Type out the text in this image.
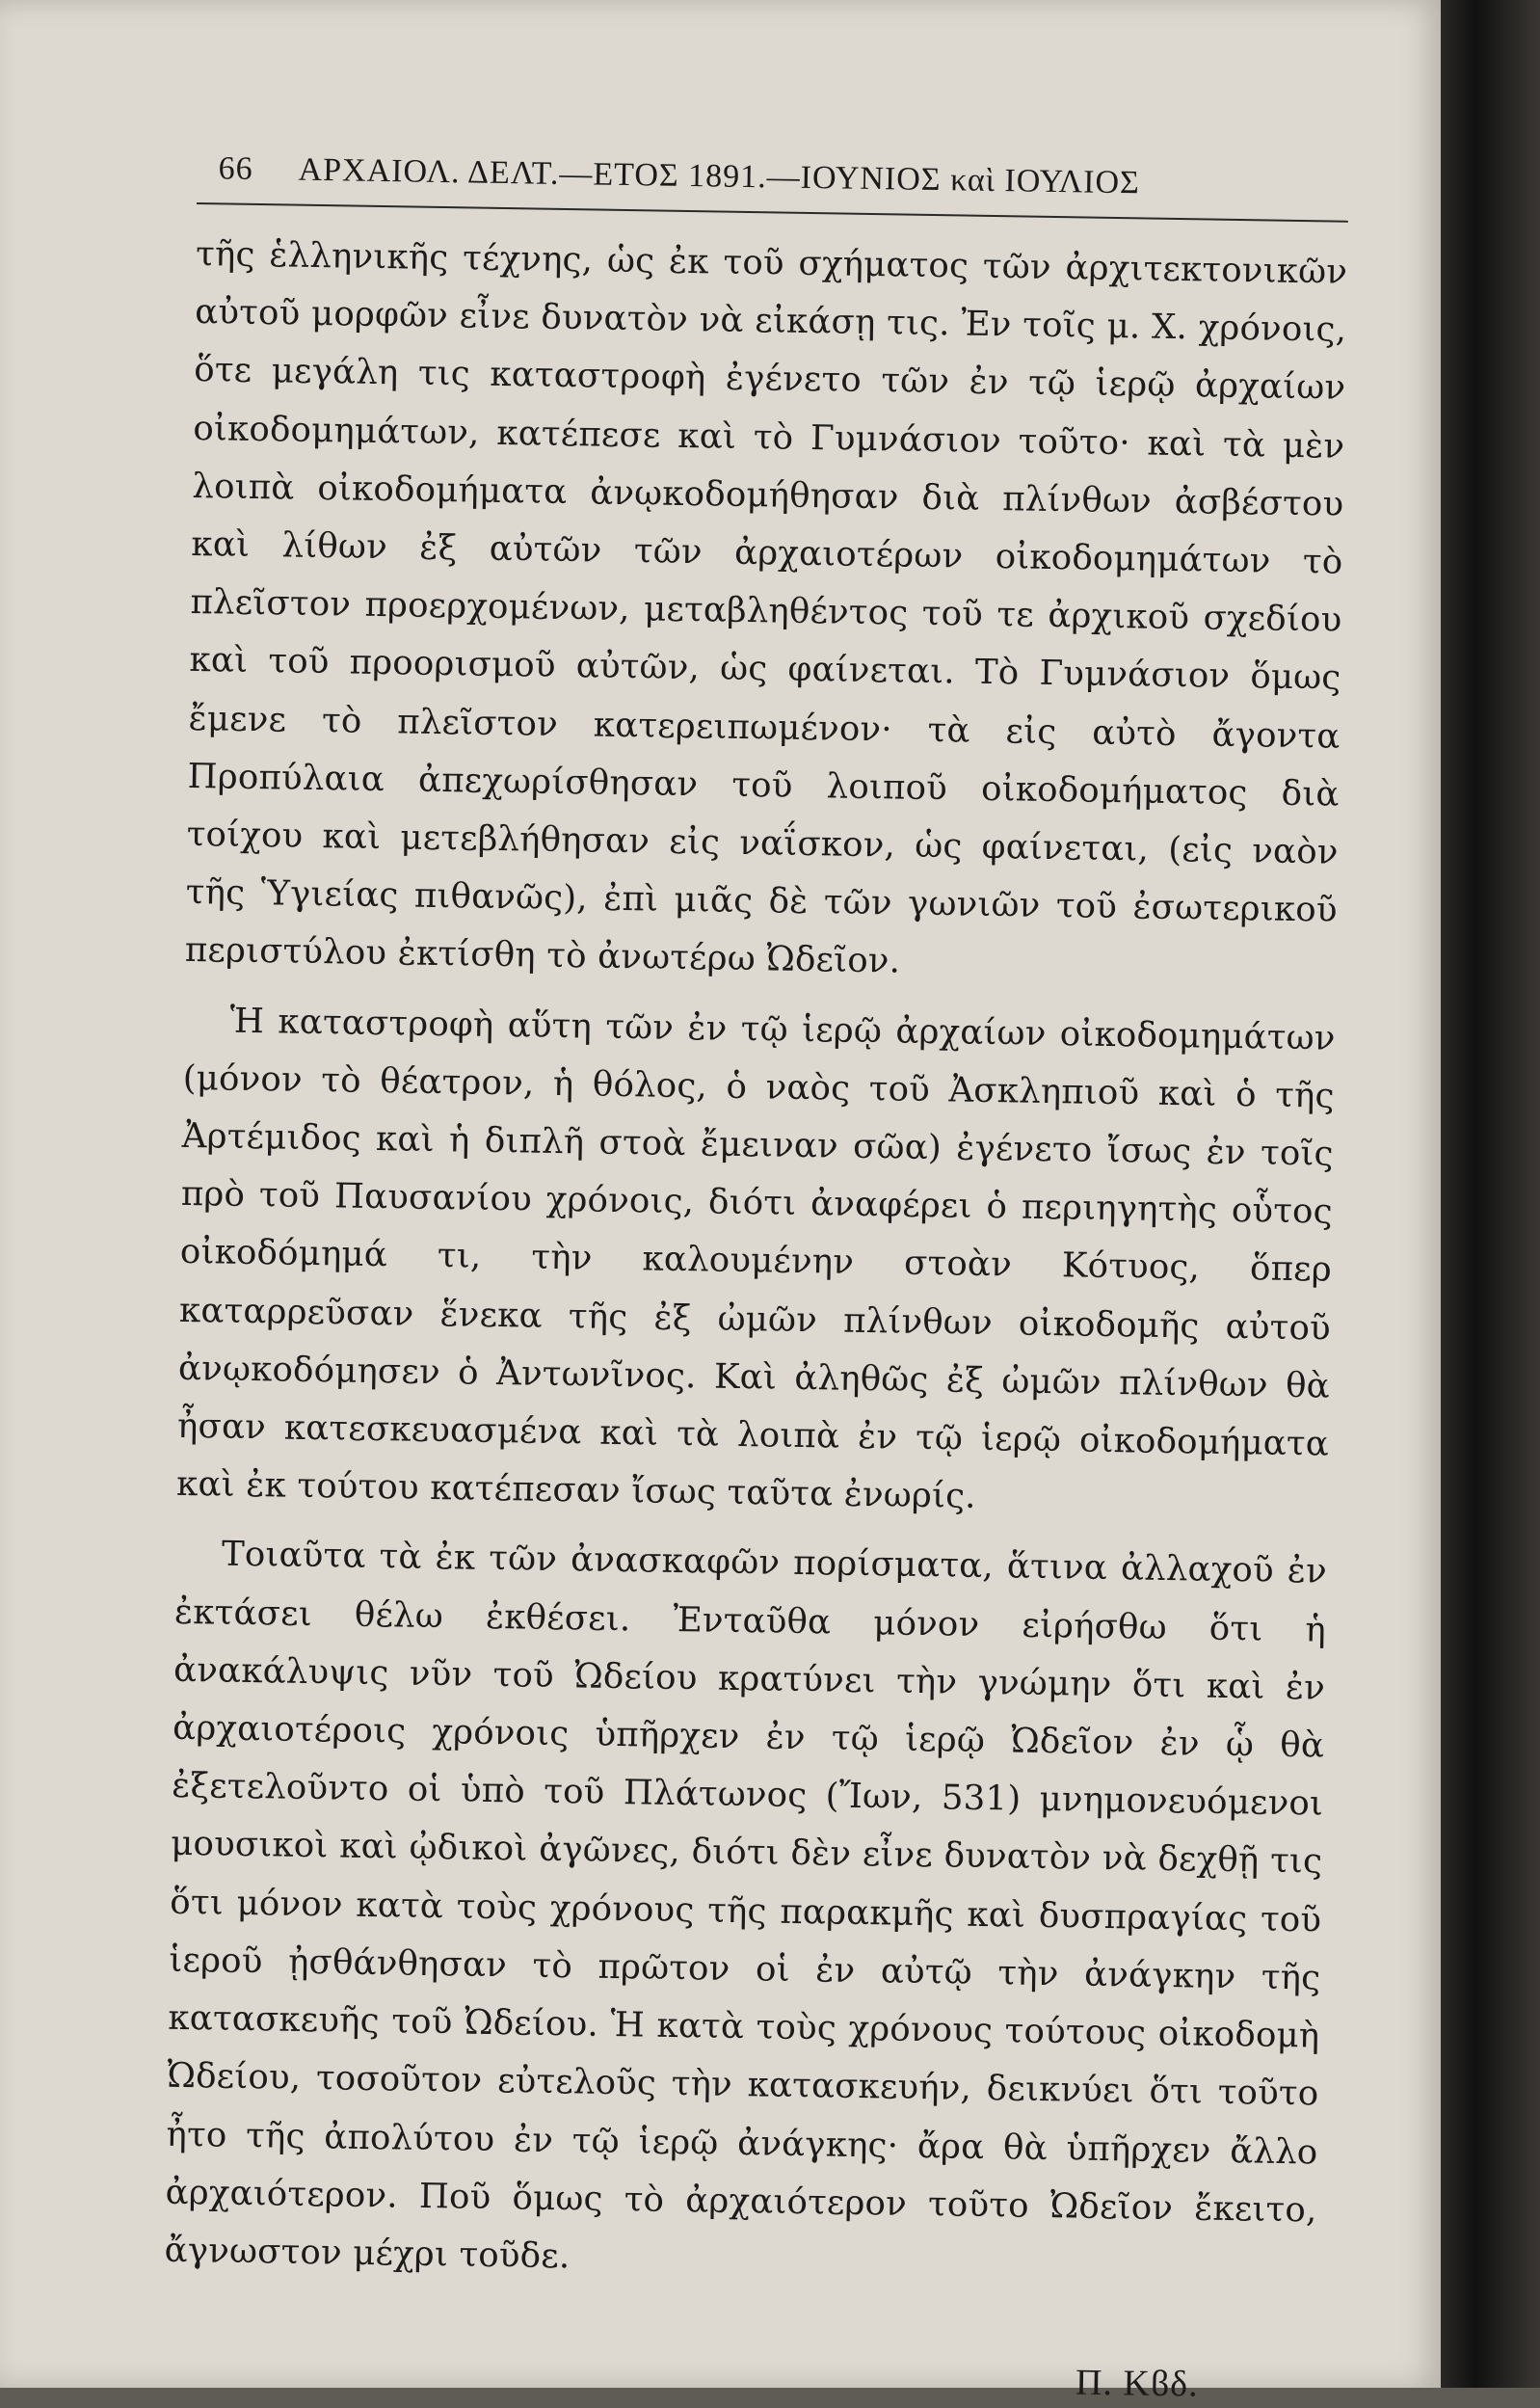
66 ΑΡΧΑΙΟΛ. ΔΕΛΤ.—ΕΤΟΣ 1891.—ΙΟΥΝΙΟΣ καὶ ΙΟΥΛΙΟΣ

τῆς ἑλληνικῆς τέχνης, ὡς ἐκ τοῦ σχήματος τῶν ἀρχιτεκτονικῶν αὐτοῦ μορφῶν εἶνε δυνατὸν νὰ εἰκάσῃ τις. Ἐν τοῖς μ. Χ. χρόνοις, ὅτε μεγάλη τις καταστροφὴ ἐγένετο τῶν ἐν τῷ ἱερῷ ἀρχαίων οἰκοδομημάτων, κατέπεσε καὶ τὸ Γυμνάσιον τοῦτο· καὶ τὰ μὲν λοιπὰ οἰκοδομήματα ἀνῳκοδομήθησαν διὰ πλίνθων ἀσβέστου καὶ λίθων ἐξ αὐτῶν τῶν ἀρχαιοτέρων οἰκοδομημάτων τὸ πλεῖστον προερχομένων, μεταβληθέντος τοῦ τε ἀρχικοῦ σχεδίου καὶ τοῦ προορισμοῦ αὐτῶν, ὡς φαίνεται. Τὸ Γυμνάσιον ὅμως ἔμενε τὸ πλεῖστον κατερειπωμένον· τὰ εἰς αὐτὸ ἄγοντα Προπύλαια ἀπεχωρίσθησαν τοῦ λοιποῦ οἰκοδομήματος διὰ τοίχου καὶ μετεβλήθησαν εἰς ναΐσκον, ὡς φαίνεται, (εἰς ναὸν τῆς Ὑγιείας πιθανῶς), ἐπὶ μιᾶς δὲ τῶν γωνιῶν τοῦ ἐσωτερικοῦ περιστύλου ἐκτίσθη τὸ ἀνωτέρω Ὠδεῖον.

Ἡ καταστροφὴ αὕτη τῶν ἐν τῷ ἱερῷ ἀρχαίων οἰκοδομημάτων (μόνον τὸ θέατρον, ἡ θόλος, ὁ ναὸς τοῦ Ἀσκληπιοῦ καὶ ὁ τῆς Ἀρτέμιδος καὶ ἡ διπλῆ στοὰ ἔμειναν σῶα) ἐγένετο ἴσως ἐν τοῖς πρὸ τοῦ Παυσανίου χρόνοις, διότι ἀναφέρει ὁ περιηγητὴς οὗτος οἰκοδόμημά τι, τὴν καλουμένην στοὰν Κότυος, ὅπερ καταρρεῦσαν ἕνεκα τῆς ἐξ ὠμῶν πλίνθων οἰκοδομῆς αὐτοῦ ἀνῳκοδόμησεν ὁ Ἀντωνῖνος. Καὶ ἀληθῶς ἐξ ὠμῶν πλίνθων θὰ ἦσαν κατεσκευασμένα καὶ τὰ λοιπὰ ἐν τῷ ἱερῷ οἰκοδομήματα καὶ ἐκ τούτου κατέπεσαν ἴσως ταῦτα ἐνωρίς.

Τοιαῦτα τὰ ἐκ τῶν ἀνασκαφῶν πορίσματα, ἅτινα ἀλλαχοῦ ἐν ἐκτάσει θέλω ἐκθέσει. Ἐνταῦθα μόνον εἰρήσθω ὅτι ἡ ἀνακάλυψις νῦν τοῦ Ὠδείου κρατύνει τὴν γνώμην ὅτι καὶ ἐν ἀρχαιοτέροις χρόνοις ὑπῆρχεν ἐν τῷ ἱερῷ Ὠδεῖον ἐν ᾧ θὰ ἐξετελοῦντο οἱ ὑπὸ τοῦ Πλάτωνος (Ἴων, 531) μνημονευόμενοι μουσικοὶ καὶ ᾠδικοὶ ἀγῶνες, διότι δὲν εἶνε δυνατὸν νὰ δεχθῇ τις ὅτι μόνον κατὰ τοὺς χρόνους τῆς παρακμῆς καὶ δυσπραγίας τοῦ ἱεροῦ ᾐσθάνθησαν τὸ πρῶτον οἱ ἐν αὐτῷ τὴν ἀνάγκην τῆς κατασκευῆς τοῦ Ὠδείου. Ἡ κατὰ τοὺς χρόνους τούτους οἰκοδομὴ Ὠδείου, τοσοῦτον εὐτελοῦς τὴν κατασκευήν, δεικνύει ὅτι τοῦτο ἦτο τῆς ἀπολύτου ἐν τῷ ἱερῷ ἀνάγκης· ἄρα θὰ ὑπῆρχεν ἄλλο ἀρχαιότερον. Ποῦ ὅμως τὸ ἀρχαιότερον τοῦτο Ὠδεῖον ἔκειτο, ἄγνωστον μέχρι τοῦδε.

Π. Κϐδ.
